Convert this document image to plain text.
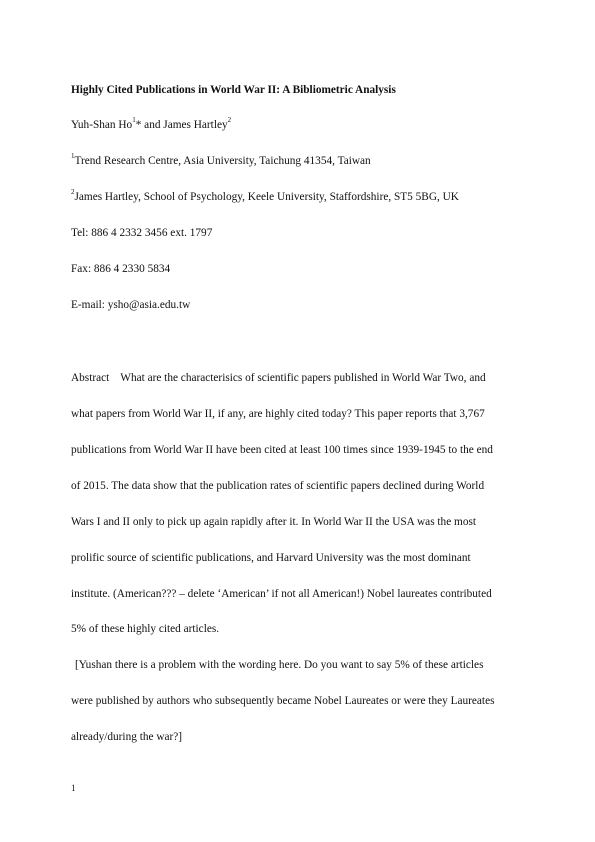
Highly Cited Publications in World War II: A Bibliometric Analysis
Yuh-Shan Ho$^1$* and James Hartley$^2$
$^1$Trend Research Centre, Asia University, Taichung 41354, Taiwan
$^2$James Hartley, School of Psychology, Keele University, Staffordshire, ST5 5BG, UK
Tel: 886 4 2332 3456 ext. 1797
Fax: 886 4 2330 5834
E-mail: ysho@asia.edu.tw
Abstract What are the characterisics of scientific papers published in World War Two, and
what papers from World War II, if any, are highly cited today? This paper reports that 3,767
publications from World War II have been cited at least 100 times since 1939-1945 to the end
of 2015. The data show that the publication rates of scientific papers declined during World
Wars I and II only to pick up again rapidly after it. In World War II the USA was the most
prolific source of scientific publications, and Harvard University was the most dominant
institute. (American??? – delete ‘American’ if not all American!) Nobel laureates contributed
5% of these highly cited articles.
[Yushan there is a problem with the wording here. Do you want to say 5% of these articles
were published by authors who subsequently became Nobel Laureates or were they Laureates
already/during the war?]
1
